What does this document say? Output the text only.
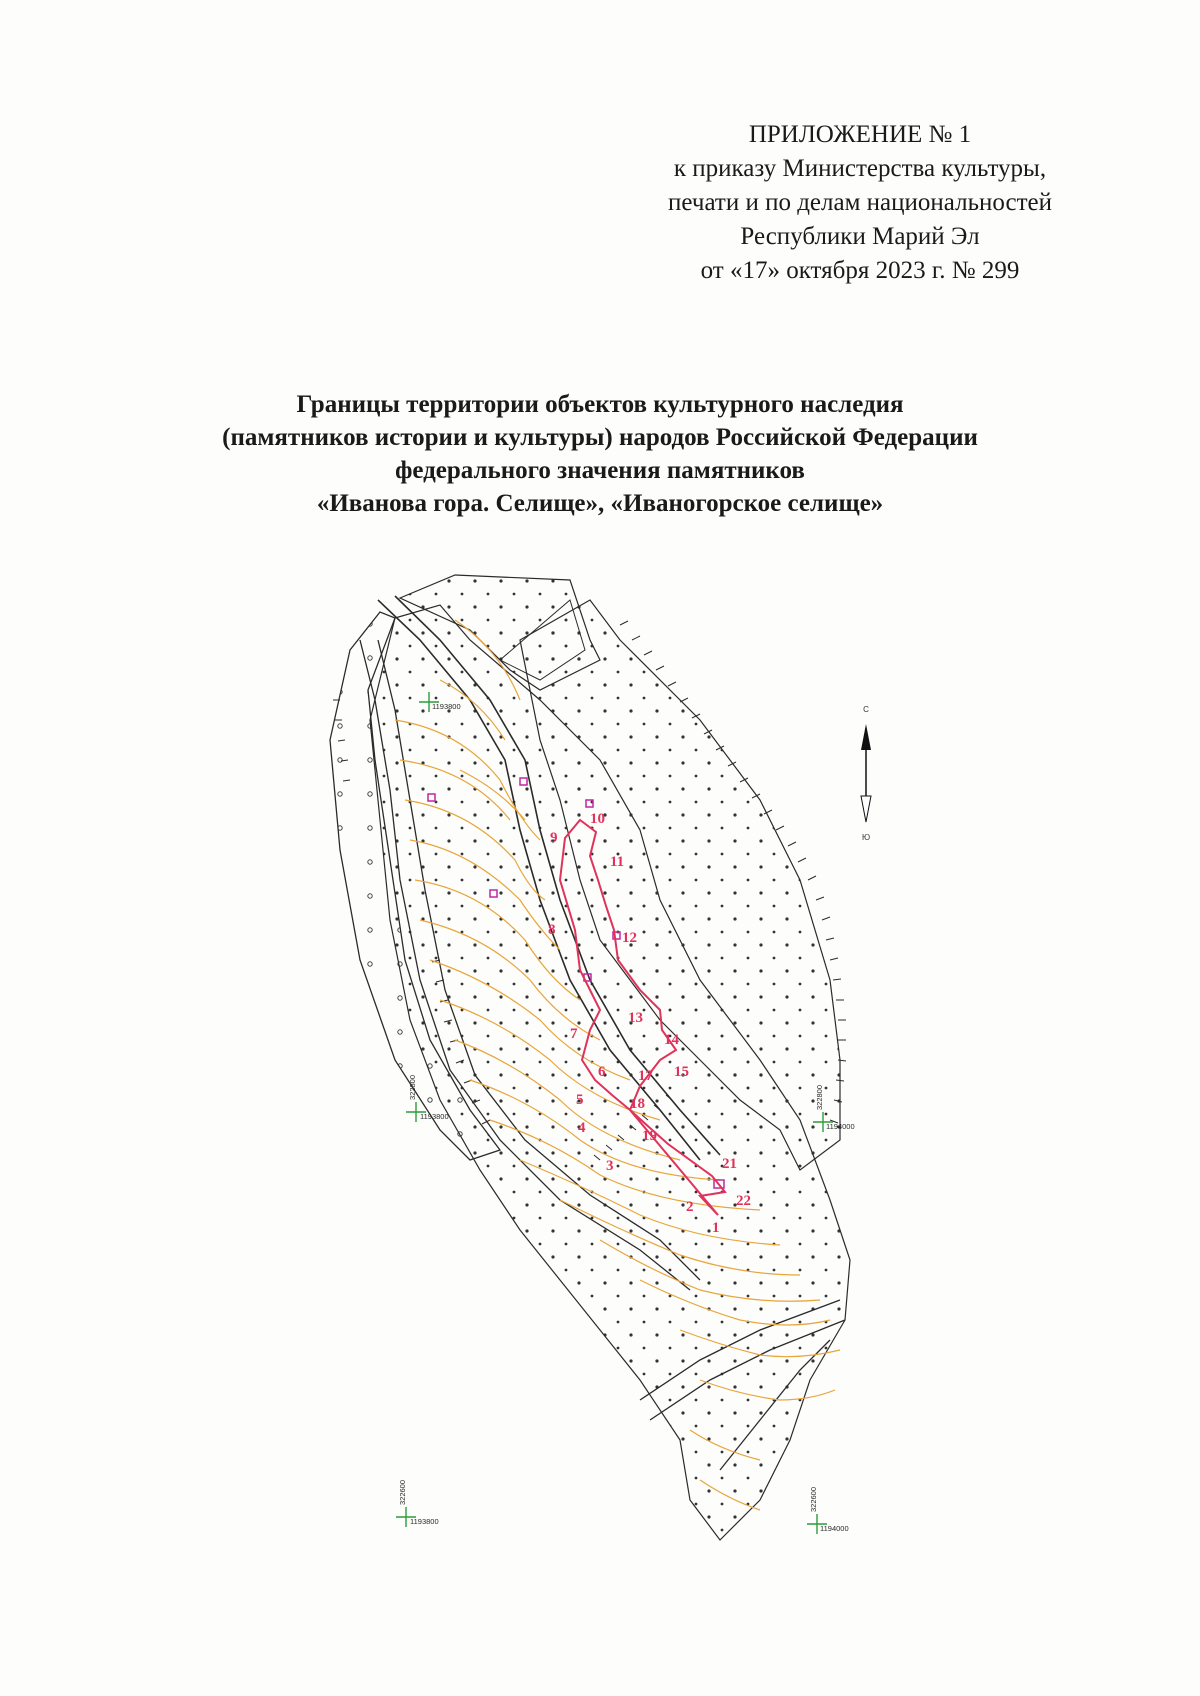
ПРИЛОЖЕНИЕ № 1
к приказу Министерства культуры,
печати и по делам национальностей
Республики Марий Эл
от «17» октября 2023 г. № 299
Границы территории объектов культурного наследия
(памятников истории и культуры) народов Российской Федерации
федерального значения памятников
«Иванова гора. Селище», «Иваногорское селище»
1
2
3
4
5
6
7
8
9
10
11
12
13
14
15
17
18
19
21
22
1193800
1193800
322800
1194000
322800
1193800
322600
1194000
322600
С
Ю
